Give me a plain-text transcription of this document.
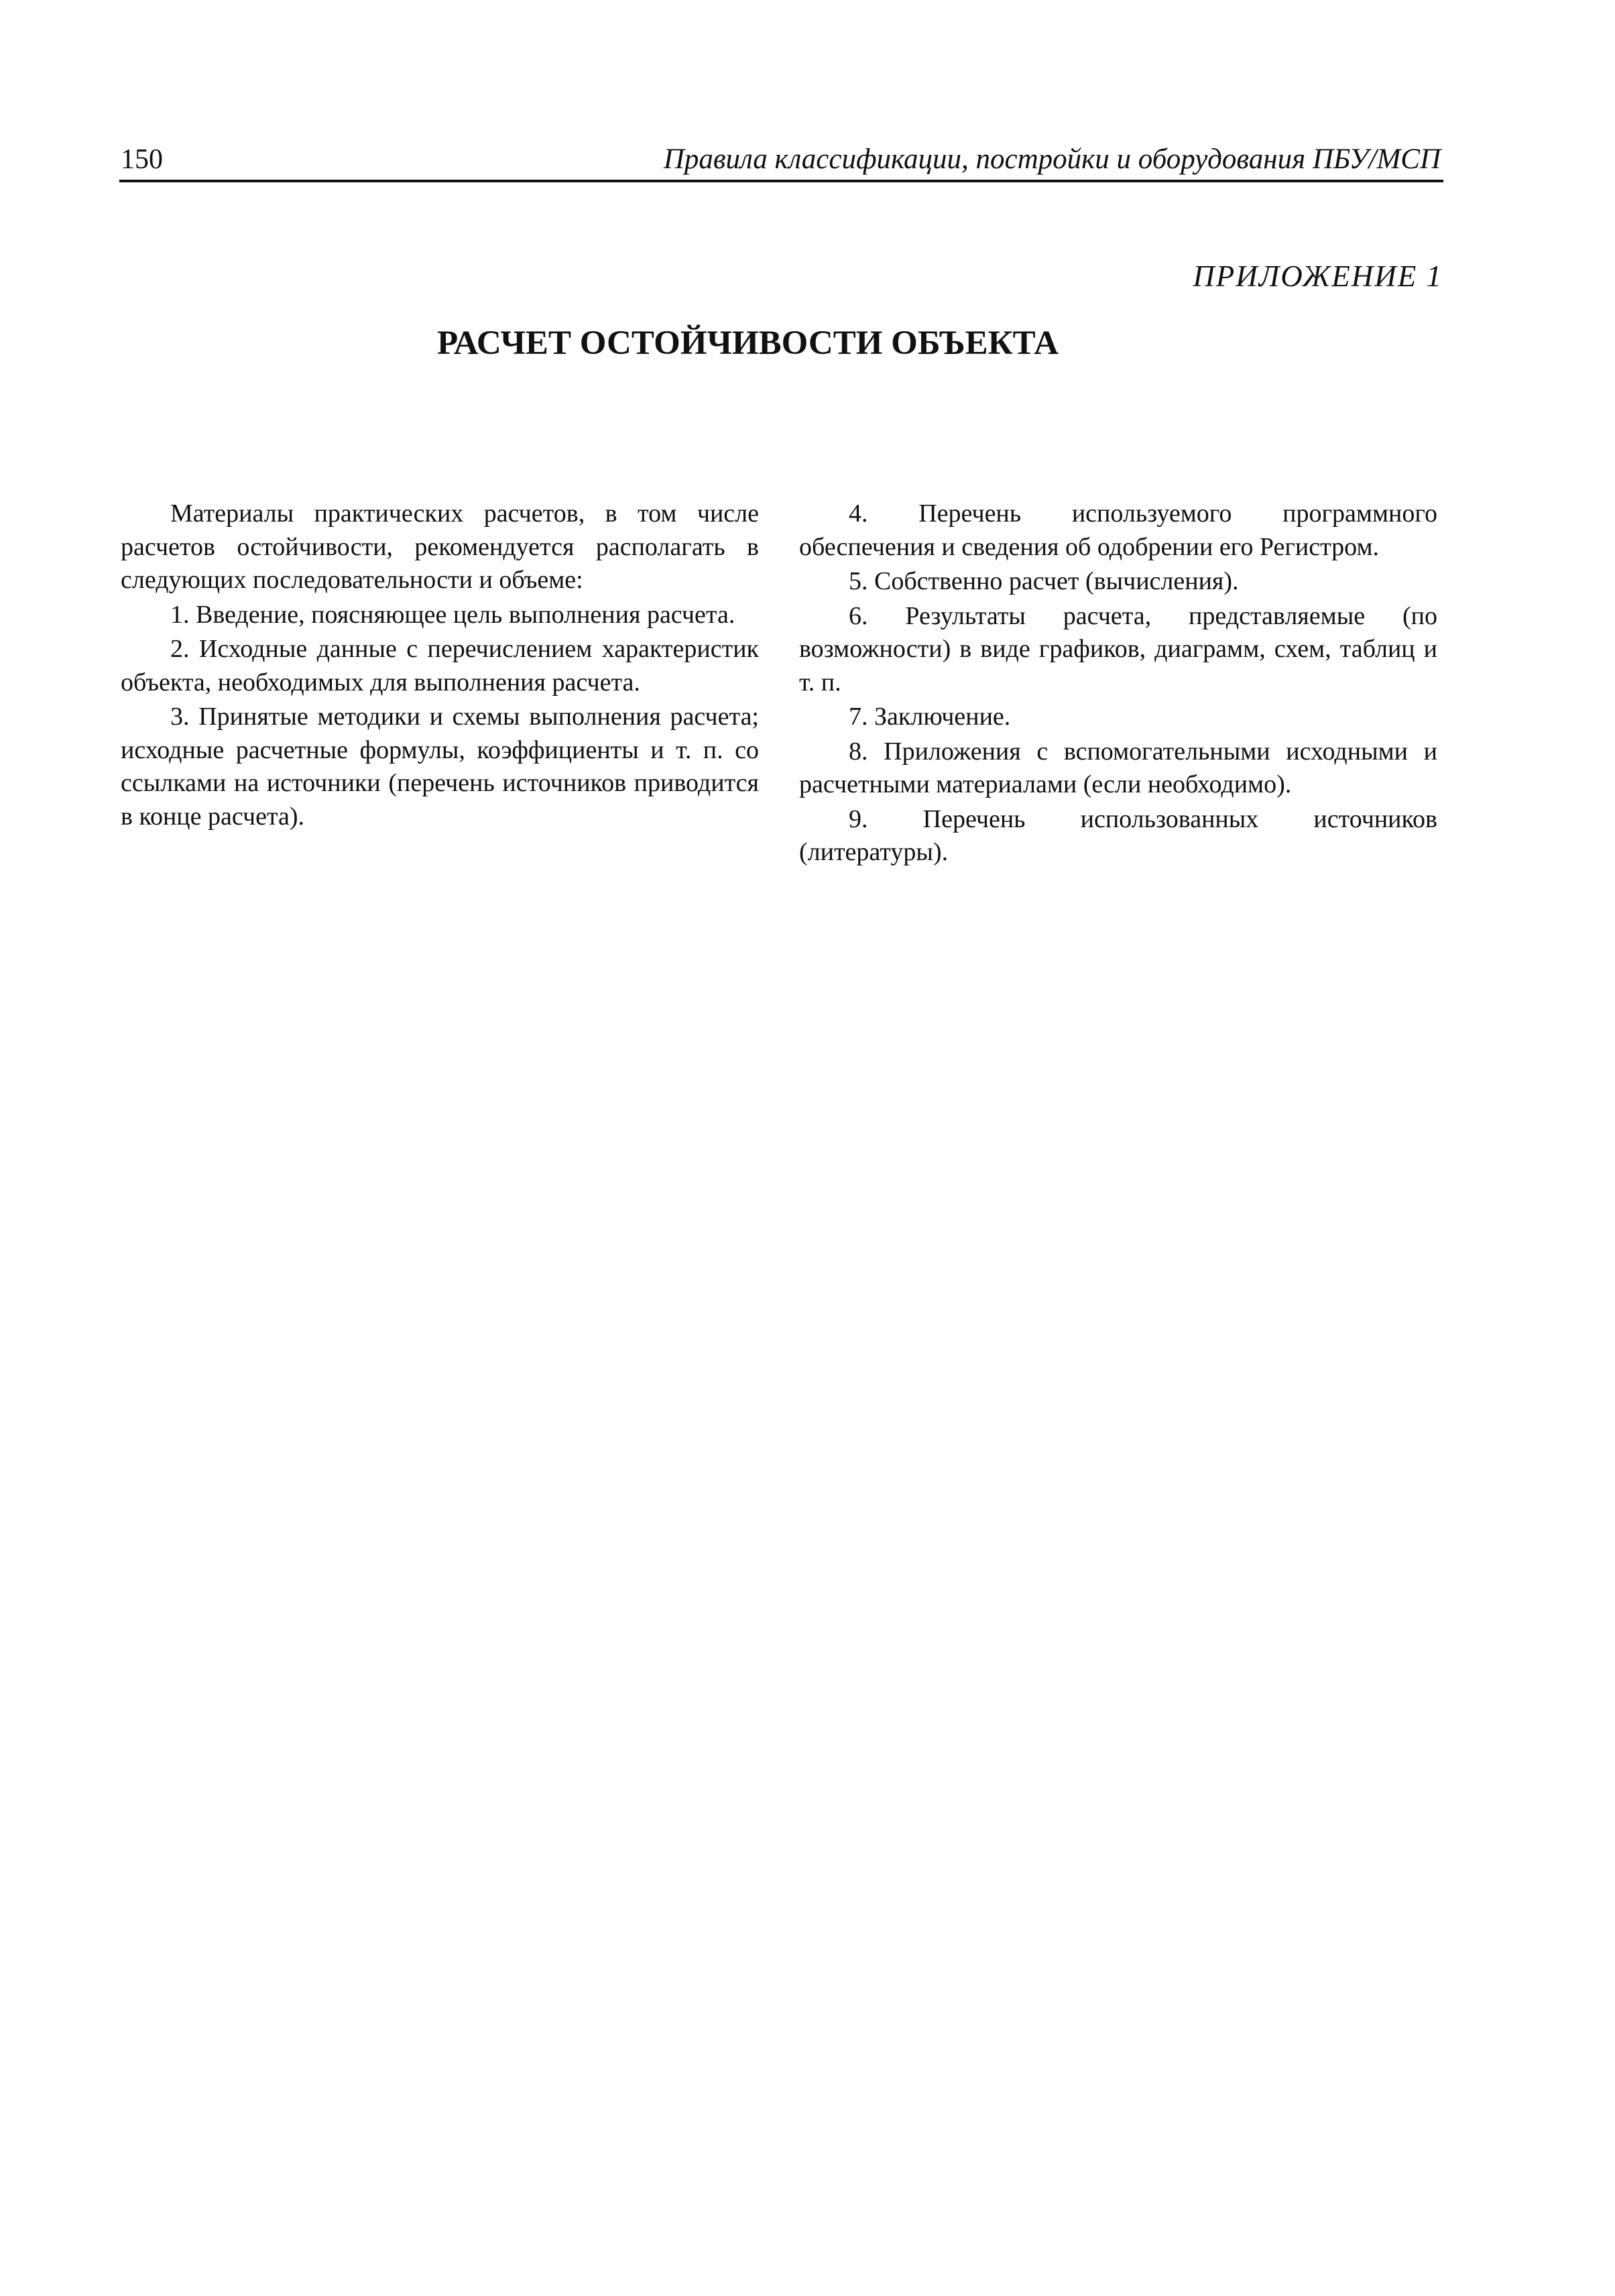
150	Правила классификации, постройки и оборудования ПБУ/МСП
ПРИЛОЖЕНИЕ 1
РАСЧЕТ ОСТОЙЧИВОСТИ ОБЪЕКТА

Материалы практических расчетов, в том числе расчетов остойчивости, рекомендуется располагать в следующих последовательности и объеме:

1. Введение, поясняющее цель выполнения расчета.

2. Исходные данные с перечислением характеристик объекта, необходимых для выполнения расчета.

3. Принятые методики и схемы выполнения расчета; исходные расчетные формулы, коэффициенты и т. п. со ссылками на источники (перечень источников приводится в конце расчета).

4. Перечень используемого программного обеспечения и сведения об одобрении его Регистром.

5. Собственно расчет (вычисления).

6. Результаты расчета, представляемые (по возможности) в виде графиков, диаграмм, схем, таблиц и т. п.

7. Заключение.

8. Приложения с вспомогательными исходными и расчетными материалами (если необходимо).

9. Перечень использованных источников (литературы).
